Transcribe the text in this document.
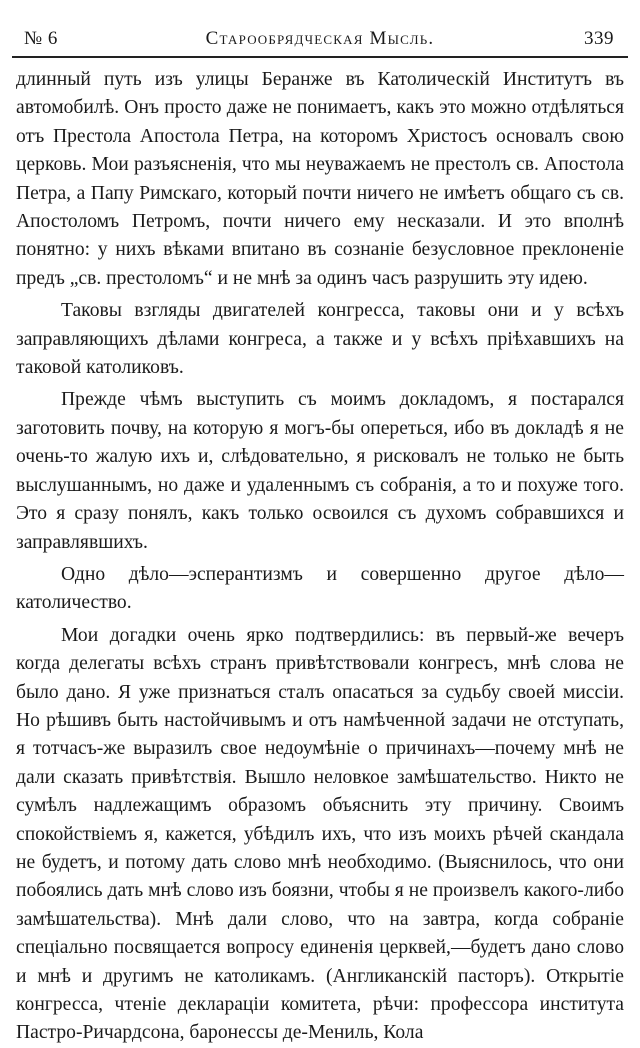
№ 6	Старообрядческая Мысль.	339

длинный путь изъ улицы Беранже въ Католическій Институтъ въ автомобилѣ. Онъ просто даже не понимаетъ, какъ это можно отдѣляться отъ Престола Апостола Петра, на которомъ Христосъ основалъ свою церковь. Мои разъясненія, что мы неуважаемъ не престолъ св. Апостола Петра, а Папу Римскаго, который почти ничего не имѣетъ общаго съ св. Апостоломъ Петромъ, почти ничего ему несказали. И это вполнѣ понятно: у нихъ вѣками впитано въ сознаніе безусловное преклоненіе предъ „св. престоломъ“ и не мнѣ за одинъ часъ разрушить эту идею.

Таковы взгляды двигателей конгресса, таковы они и у всѣхъ заправляющихъ дѣлами конгреса, а также и у всѣхъ пріѣхавшихъ на таковой католиковъ.

Прежде чѣмъ выступить съ моимъ докладомъ, я постарался заготовить почву, на которую я могъ-бы опереться, ибо въ докладѣ я не очень-то жалую ихъ и, слѣдовательно, я рисковалъ не только не быть выслушаннымъ, но даже и удаленнымъ съ собранія, а то и похуже того. Это я сразу понялъ, какъ только освоился съ духомъ собравшихся и заправлявшихъ.

Одно дѣло—эсперантизмъ и совершенно другое дѣло—католичество.

Мои догадки очень ярко подтвердились: въ первый-же вечеръ когда делегаты всѣхъ странъ привѣтствовали конгресъ, мнѣ слова не было дано. Я уже признаться сталъ опасаться за судьбу своей миссіи. Но рѣшивъ быть настойчивымъ и отъ намѣченной задачи не отступать, я тотчасъ-же выразилъ свое недоумѣніе о причинахъ—почему мнѣ не дали сказать привѣтствія. Вышло неловкое замѣшательство. Никто не сумѣлъ надлежащимъ образомъ объяснить эту причину. Своимъ спокойствіемъ я, кажется, убѣдилъ ихъ, что изъ моихъ рѣчей скандала не будетъ, и потому дать слово мнѣ необходимо. (Выяснилось, что они побоялись дать мнѣ слово изъ боязни, чтобы я не произвелъ какого-либо замѣшательства). Мнѣ дали слово, что на завтра, когда собраніе спеціально посвящается вопросу единенія церквей,—будетъ дано слово и мнѣ и другимъ не католикамъ. (Англиканскій пасторъ). Открытіе конгресса, чтеніе деклараціи комитета, рѣчи: профессора института Пастро-Ричардсона, баронессы де-Мениль, Кола
